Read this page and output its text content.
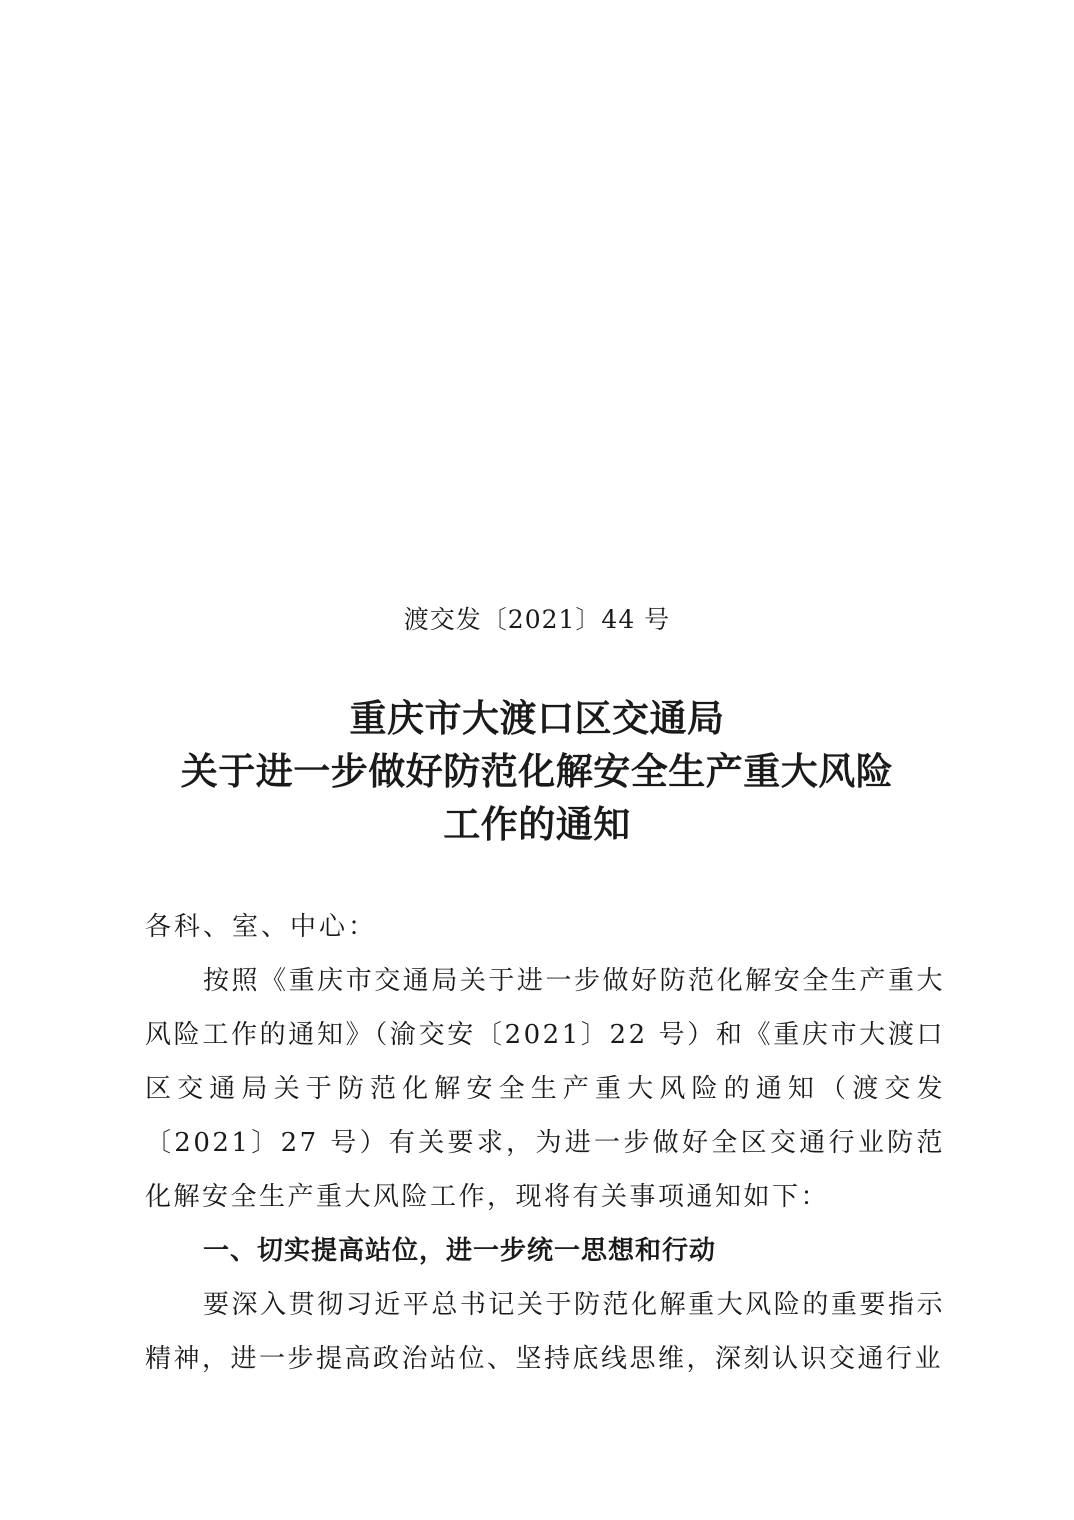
渡交发〔2021〕44 号
重庆市大渡口区交通局
关于进一步做好防范化解安全生产重大风险
工作的通知

各科、室、中心：

按照《重庆市交通局关于进一步做好防范化解安全生产重大风险工作的通知》（渝交安〔2021〕22 号）和《重庆市大渡口区交通局关于防范化解安全生产重大风险的通知（渡交发〔2021〕27 号）有关要求，为进一步做好全区交通行业防范化解安全生产重大风险工作，现将有关事项通知如下：

一、切实提高站位，进一步统一思想和行动

要深入贯彻习近平总书记关于防范化解重大风险的重要指示精神，进一步提高政治站位、坚持底线思维，深刻认识交通行业
